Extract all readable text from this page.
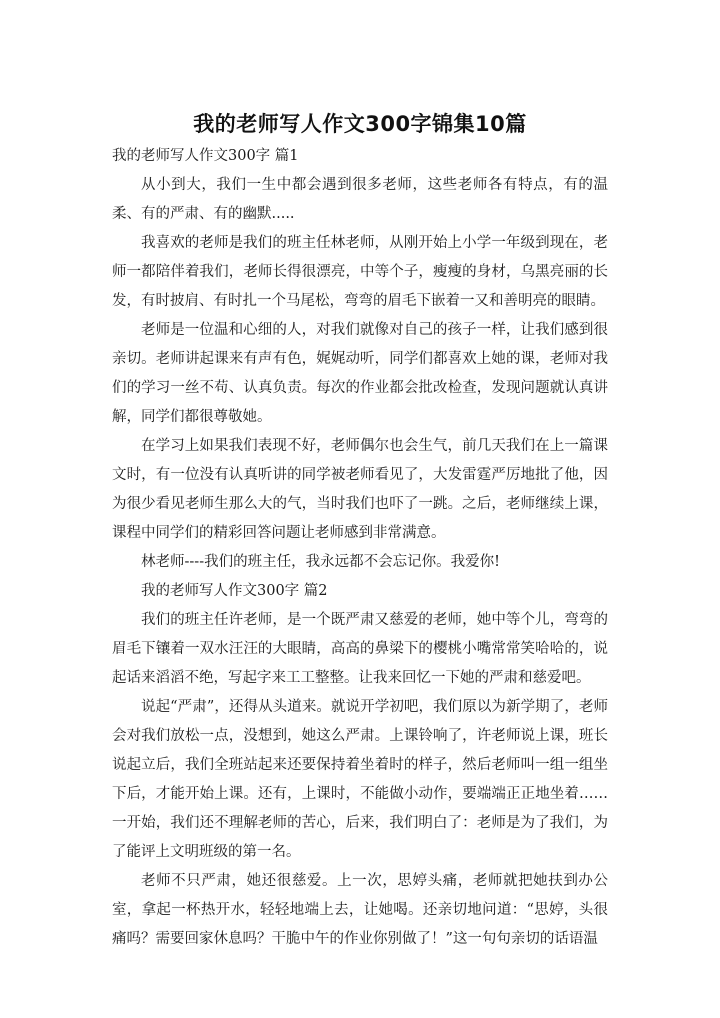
我的老师写人作文300字锦集10篇

我的老师写人作文300字 篇1

从小到大，我们一生中都会遇到很多老师，这些老师各有特点，有的温柔、有的严肃、有的幽默.....

我喜欢的老师是我们的班主任林老师，从刚开始上小学一年级到现在，老师一都陪伴着我们，老师长得很漂亮，中等个子，瘦瘦的身材，乌黑亮丽的长发，有时披肩、有时扎一个马尾松，弯弯的眉毛下嵌着一又和善明亮的眼睛。

老师是一位温和心细的人，对我们就像对自己的孩子一样，让我们感到很亲切。老师讲起课来有声有色，娓娓动听，同学们都喜欢上她的课，老师对我们的学习一丝不苟、认真负责。每次的作业都会批改检查，发现问题就认真讲解，同学们都很尊敬她。

在学习上如果我们表现不好，老师偶尔也会生气，前几天我们在上一篇课文时，有一位没有认真听讲的同学被老师看见了，大发雷霆严厉地批了他，因为很少看见老师生那么大的气，当时我们也吓了一跳。之后，老师继续上课，课程中同学们的精彩回答问题让老师感到非常满意。

林老师----我们的班主任，我永远都不会忘记你。我爱你!

我的老师写人作文300字 篇2

我们的班主任许老师，是一个既严肃又慈爱的老师，她中等个儿，弯弯的眉毛下镶着一双水汪汪的大眼睛，高高的鼻梁下的樱桃小嘴常常笑哈哈的，说起话来滔滔不绝，写起字来工工整整。让我来回忆一下她的严肃和慈爱吧。

说起“严肃”，还得从头道来。就说开学初吧，我们原以为新学期了，老师会对我们放松一点，没想到，她这么严肃。上课铃响了，许老师说上课，班长说起立后，我们全班站起来还要保持着坐着时的样子，然后老师叫一组一组坐下后，才能开始上课。还有，上课时，不能做小动作，要端端正正地坐着……一开始，我们还不理解老师的苦心，后来，我们明白了：老师是为了我们，为了能评上文明班级的第一名。

老师不只严肃，她还很慈爱。上一次，思婷头痛，老师就把她扶到办公室，拿起一杯热开水，轻轻地端上去，让她喝。还亲切地问道：“思婷，头很痛吗？需要回家休息吗？干脆中午的作业你别做了！”这一句句亲切的话语温
